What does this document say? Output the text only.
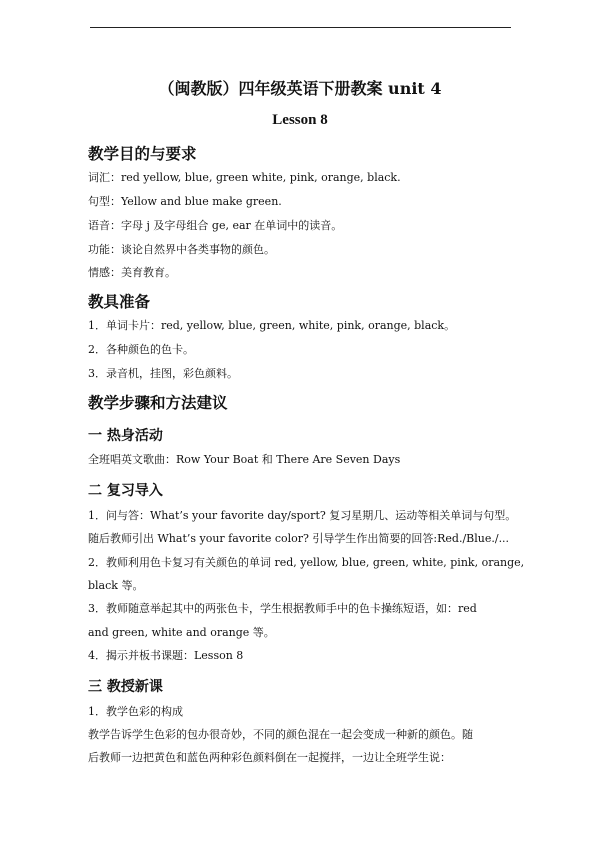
（闽教版）四年级英语下册教案 unit 4
Lesson 8
教学目的与要求
词汇：red yellow, blue, green white, pink, orange, black.
句型：Yellow and blue make green.
语音：字母 j 及字母组合 ge, ear 在单词中的读音。
功能：谈论自然界中各类事物的颜色。
情感：美育教育。
教具准备
1．单词卡片：red, yellow, blue, green, white, pink, orange, black。
2．各种颜色的色卡。
3．录音机，挂图，彩色颜料。
教学步骤和方法建议
一 热身活动
全班唱英文歌曲：Row Your Boat 和 There Are Seven Days
二 复习导入
1．问与答：What’s your favorite day/sport? 复习星期几、运动等相关单词与句型。
随后教师引出 What’s your favorite color? 引导学生作出简要的回答:Red./Blue./...
2．教师利用色卡复习有关颜色的单词 red, yellow, blue, green, white, pink, orange,
black 等。
3．教师随意举起其中的两张色卡，学生根据教师手中的色卡操练短语，如：red
and green, white and orange 等。
4．揭示并板书课题：Lesson 8
三 教授新课
1．教学色彩的构成
教学告诉学生色彩的包办很奇妙，不同的颜色混在一起会变成一种新的颜色。随
后教师一边把黄色和蓝色两种彩色颜料倒在一起搅拌，一边让全班学生说：
